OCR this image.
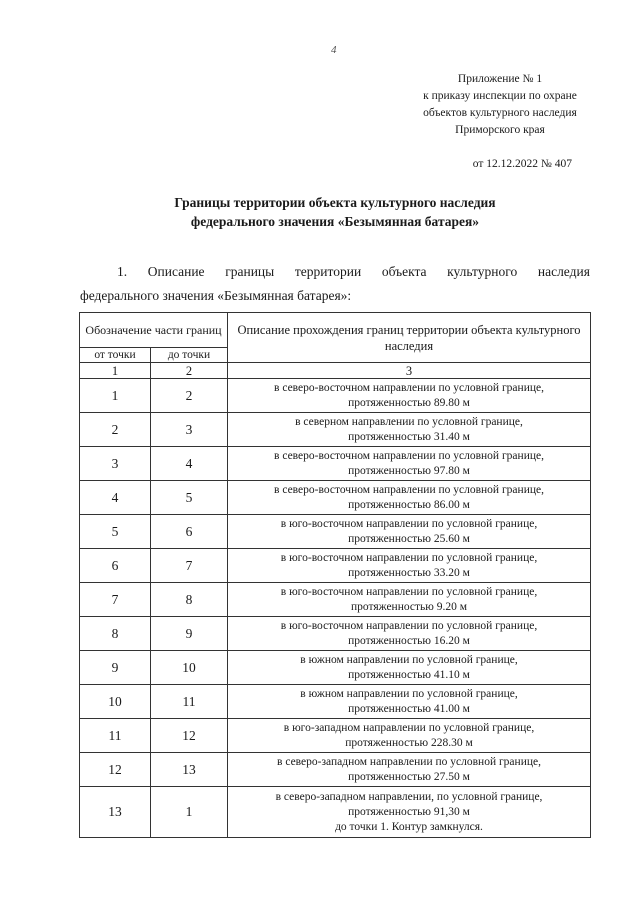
4
Приложение № 1
к приказу инспекции по охране
объектов культурного наследия
Приморского края
от 12.12.2022 № 407
Границы территории объекта культурного наследия
федерального значения «Безымянная батарея»
1. Описание границы территории объекта культурного наследия
федерального значения «Безымянная батарея»:
Обозначение части границ		Описание прохождения границ территории объекта культурного наследия
от точки	до точки	
1	2	3
1	2	в северо-восточном направлении по условной границе,
протяженностью 89.80 м

2	3	в северном направлении по условной границе,
протяженностью 31.40 м

3	4	в северо-восточном направлении по условной границе,
протяженностью 97.80 м

4	5	в северо-восточном направлении по условной границе,
протяженностью 86.00 м

5	6	в юго-восточном направлении по условной границе,
протяженностью 25.60 м

6	7	в юго-восточном направлении по условной границе,
протяженностью 33.20 м

7	8	в юго-восточном направлении по условной границе,
протяженностью 9.20 м

8	9	в юго-восточном направлении по условной границе,
протяженностью 16.20 м

9	10	в южном направлении по условной границе,
протяженностью 41.10 м

10	11	в южном направлении по условной границе,
протяженностью 41.00 м

11	12	в юго-западном направлении по условной границе,
протяженностью 228.30 м

12	13	в северо-западном направлении по условной границе,
протяженностью 27.50 м

13	1	в северо-западном направлении, по условной границе,
протяженностью 91,30 м
до точки 1. Контур замкнулся.
